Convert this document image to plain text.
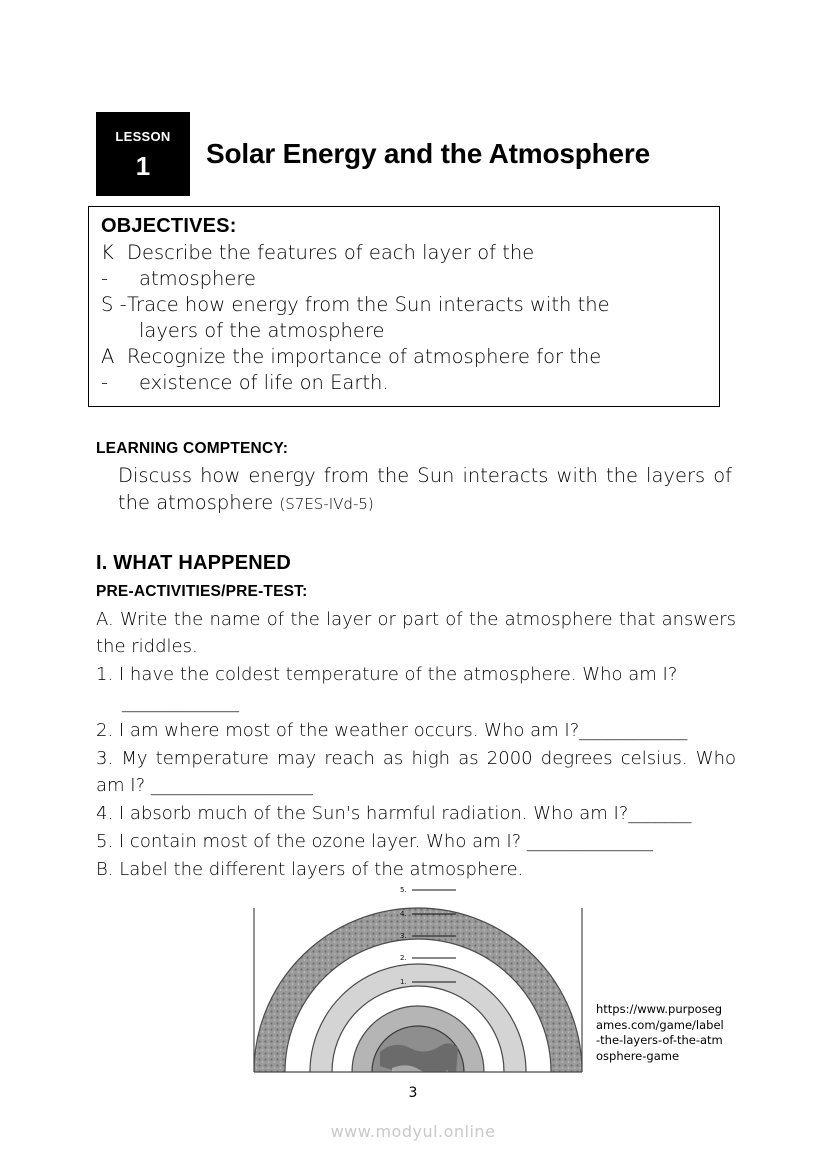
LESSON
1 Solar Energy and the Atmosphere
OBJECTIVES:
K -
Describe the features of each layer of the
atmosphere
S - Trace how energy from the Sun interacts with the
layers of the atmosphere
A -
Recognize the importance of atmosphere for the
existence of life on Earth.
LEARNING COMPTENCY:
Discuss how energy from the Sun interacts with the layers of the atmosphere (S7ES-IVd-5)
I. WHAT HAPPENED
PRE-ACTIVITIES/PRE-TEST:

A. Write the name of the layer or part of the atmosphere that answers the riddles.

1. I have the coldest temperature of the atmosphere. Who am I?

_____________

2. I am where most of the weather occurs. Who am I?____________

3. My temperature may reach as high as 2000 degrees celsius. Who am I? __________________

4. I absorb much of the Sun's harmful radiation. Who am I?_______

5. I contain most of the ozone layer. Who am I? ______________

B. Label the different layers of the atmosphere.

5.
4.
3.
2.
1.
https://www.purposegames.com/game/label-the-layers-of-the-atmosphere-game
3
www.modyul.online
